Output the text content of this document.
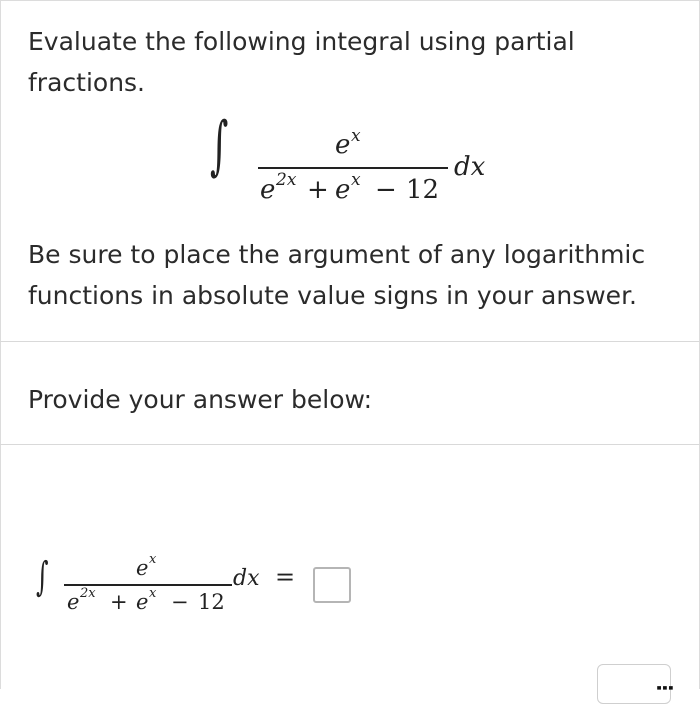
Evaluate the following integral using partial fractions.
∫	e x
e 2x + e x − 12
dx
Be sure to place the argument of any logarithmic functions in absolute value signs in your answer.
Provide your answer below:
∫	e x
e 2x + e x − 12
dx =
⋮
